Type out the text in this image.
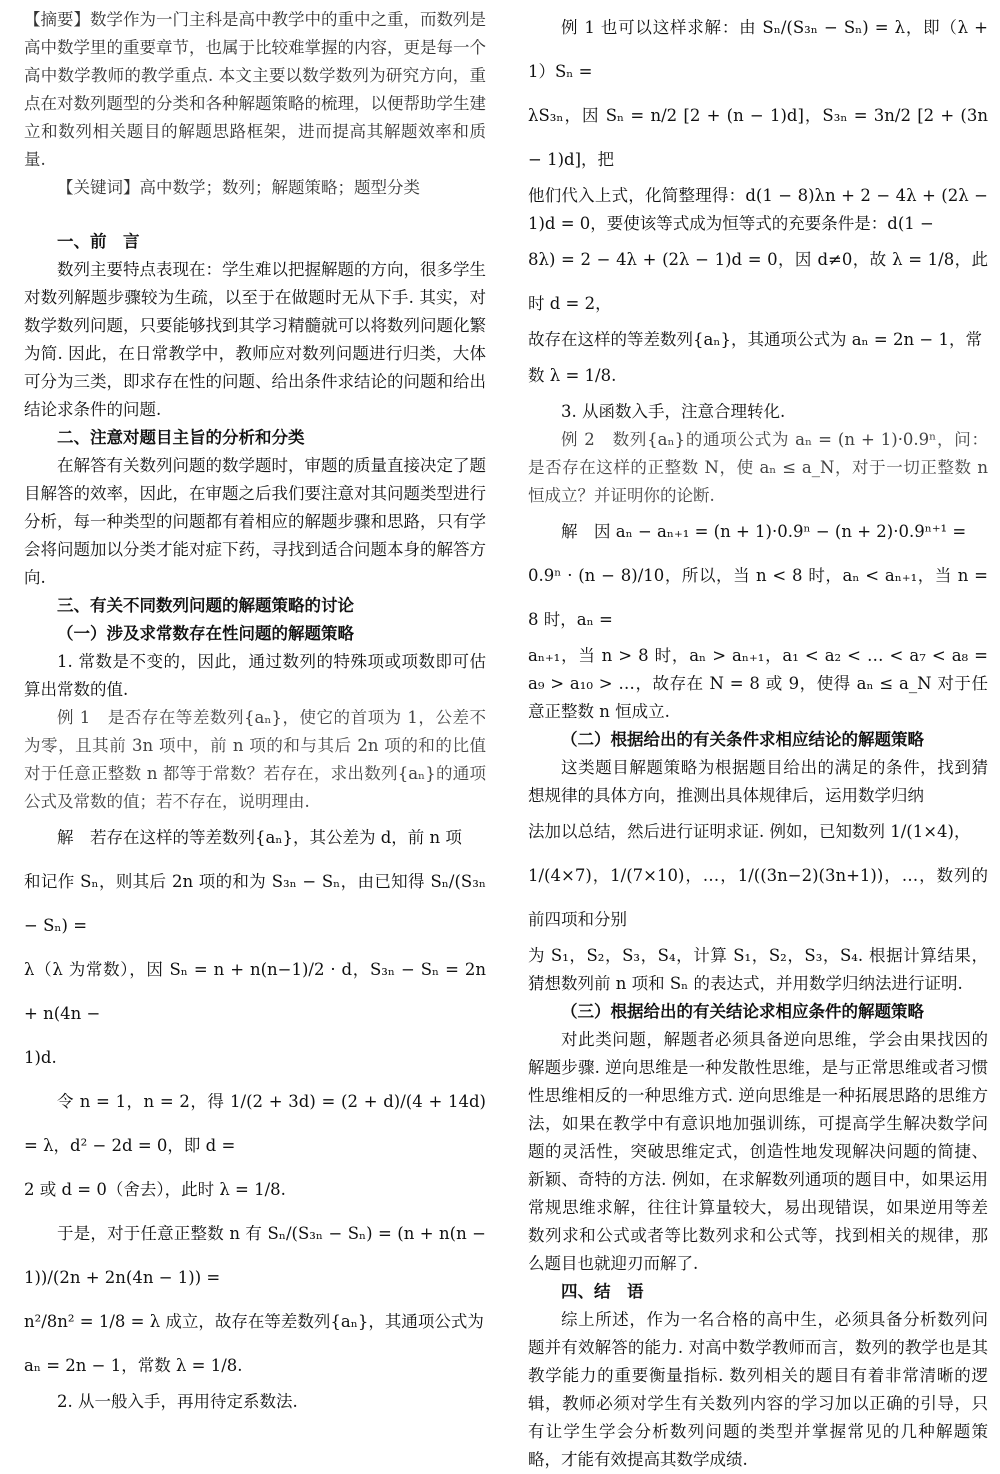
【摘要】数学作为一门主科是高中教学中的重中之重，而数列是高中数学里的重要章节，也属于比较难掌握的内容，更是每一个高中数学教师的教学重点. 本文主要以数学数列为研究方向，重点在对数列题型的分类和各种解题策略的梳理，以便帮助学生建立和数列相关题目的解题思路框架，进而提高其解题效率和质量.

【关键词】高中数学；数列；解题策略；题型分类

一、前　言

数列主要特点表现在：学生难以把握解题的方向，很多学生对数列解题步骤较为生疏，以至于在做题时无从下手. 其实，对数学数列问题，只要能够找到其学习精髓就可以将数列问题化繁为简. 因此，在日常教学中，教师应对数列问题进行归类，大体可分为三类，即求存在性的问题、给出条件求结论的问题和给出结论求条件的问题.

二、注意对题目主旨的分析和分类

在解答有关数列问题的数学题时，审题的质量直接决定了题目解答的效率，因此，在审题之后我们要注意对其问题类型进行分析，每一种类型的问题都有着相应的解题步骤和思路，只有学会将问题加以分类才能对症下药，寻找到适合问题本身的解答方向.

三、有关不同数列问题的解题策略的讨论

（一）涉及求常数存在性问题的解题策略

1. 常数是不变的，因此，通过数列的特殊项或项数即可估算出常数的值.

例 1　是否存在等差数列{aₙ}，使它的首项为 1，公差不为零，且其前 3n 项中，前 n 项的和与其后 2n 项的和的比值对于任意正整数 n 都等于常数？若存在，求出数列{aₙ}的通项公式及常数的值；若不存在，说明理由.

解　若存在这样的等差数列{aₙ}，其公差为 d，前 n 项

和记作 Sₙ，则其后 2n 项的和为 S₃ₙ − Sₙ，由已知得 Sₙ/(S₃ₙ − Sₙ) =

λ（λ 为常数），因 Sₙ = n + n(n−1)/2 · d，S₃ₙ − Sₙ = 2n + n(4n −

1)d.

令 n = 1，n = 2，得 1/(2 + 3d) = (2 + d)/(4 + 14d) = λ，d² − 2d = 0，即 d =

2 或 d = 0（舍去），此时 λ = 1/8.

于是，对于任意正整数 n 有 Sₙ/(S₃ₙ − Sₙ) = (n + n(n − 1))/(2n + 2n(4n − 1)) =

n²/8n² = 1/8 = λ 成立，故存在等差数列{aₙ}，其通项公式为

aₙ = 2n − 1，常数 λ = 1/8.

2. 从一般入手，再用待定系数法.

例 1 也可以这样求解：由 Sₙ/(S₃ₙ − Sₙ) = λ，即（λ + 1）Sₙ =

λS₃ₙ，因 Sₙ = n/2 [2 + (n − 1)d]，S₃ₙ = 3n/2 [2 + (3n − 1)d]，把

他们代入上式，化简整理得：d(1 − 8)λn + 2 − 4λ + (2λ − 1)d = 0，要使该等式成为恒等式的充要条件是：d(1 −

8λ) = 2 − 4λ + (2λ − 1)d = 0，因 d≠0，故 λ = 1/8，此时 d = 2，

故存在这样的等差数列{aₙ}，其通项公式为 aₙ = 2n − 1，常

数 λ = 1/8.

3. 从函数入手，注意合理转化.

例 2　数列{aₙ}的通项公式为 aₙ = (n + 1)·0.9ⁿ，问：是否存在这样的正整数 N，使 aₙ ≤ a_N，对于一切正整数 n 恒成立？并证明你的论断.

解　因 aₙ − aₙ₊₁ = (n + 1)·0.9ⁿ − (n + 2)·0.9ⁿ⁺¹ =

0.9ⁿ · (n − 8)/10，所以，当 n < 8 时，aₙ < aₙ₊₁，当 n = 8 时，aₙ =

aₙ₊₁，当 n > 8 时，aₙ > aₙ₊₁，a₁ < a₂ < … < a₇ < a₈ = a₉ > a₁₀ > …，故存在 N = 8 或 9，使得 aₙ ≤ a_N 对于任意正整数 n 恒成立.

（二）根据给出的有关条件求相应结论的解题策略

这类题目解题策略为根据题目给出的满足的条件，找到猜想规律的具体方向，推测出具体规律后，运用数学归纳

法加以总结，然后进行证明求证. 例如，已知数列 1/(1×4)，

1/(4×7)，1/(7×10)，…，1/((3n−2)(3n+1))，…，数列的前四项和分别

为 S₁，S₂，S₃，S₄，计算 S₁，S₂，S₃，S₄. 根据计算结果，猜想数列前 n 项和 Sₙ 的表达式，并用数学归纳法进行证明.

（三）根据给出的有关结论求相应条件的解题策略

对此类问题，解题者必须具备逆向思维，学会由果找因的解题步骤. 逆向思维是一种发散性思维，是与正常思维或者习惯性思维相反的一种思维方式. 逆向思维是一种拓展思路的思维方法，如果在教学中有意识地加强训练，可提高学生解决数学问题的灵活性，突破思维定式，创造性地发现解决问题的简捷、新颖、奇特的方法. 例如，在求解数列通项的题目中，如果运用常规思维求解，往往计算量较大，易出现错误，如果逆用等差数列求和公式或者等比数列求和公式等，找到相关的规律，那么题目也就迎刃而解了.

四、结　语

综上所述，作为一名合格的高中生，必须具备分析数列问题并有效解答的能力. 对高中数学教师而言，数列的教学也是其教学能力的重要衡量指标. 数列相关的题目有着非常清晰的逻辑，教师必须对学生有关数列内容的学习加以正确的引导，只有让学生学会分析数列问题的类型并掌握常见的几种解题策略，才能有效提高其数学成绩.
